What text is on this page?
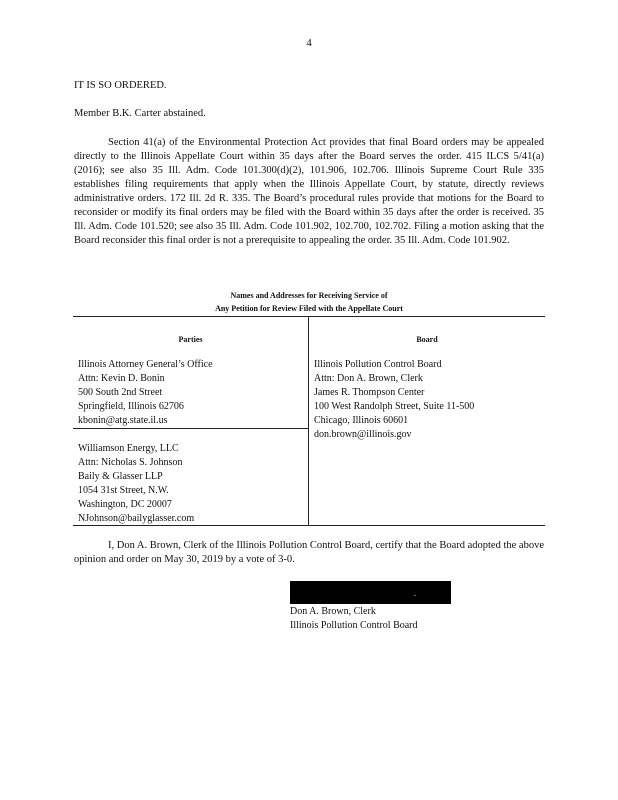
4
IT IS SO ORDERED.
Member B.K. Carter abstained.
Section 41(a) of the Environmental Protection Act provides that final Board orders may be appealed directly to the Illinois Appellate Court within 35 days after the Board serves the order. 415 ILCS 5/41(a) (2016); see also 35 Ill. Adm. Code 101.300(d)(2), 101.906, 102.706. Illinois Supreme Court Rule 335 establishes filing requirements that apply when the Illinois Appellate Court, by statute, directly reviews administrative orders. 172 Ill. 2d R. 335. The Board’s procedural rules provide that motions for the Board to reconsider or modify its final orders may be filed with the Board within 35 days after the order is received. 35 Ill. Adm. Code 101.520; see also 35 Ill. Adm. Code 101.902, 102.700, 102.702. Filing a motion asking that the Board reconsider this final order is not a prerequisite to appealing the order. 35 Ill. Adm. Code 101.902.
Names and Addresses for Receiving Service of
Any Petition for Review Filed with the Appellate Court
Parties	Board
Illinois Attorney General’s Office
Attn: Kevin D. Bonin
500 South 2nd Street
Springfield, Illinois 62706
kbonin@atg.state.il.us
Williamson Energy, LLC
Attn: Nicholas S. Johnson
Baily & Glasser LLP
1054 31st Street, N.W.
Washington, DC 20007
NJohnson@bailyglasser.com
Illinois Pollution Control Board
Attn: Don A. Brown, Clerk
James R. Thompson Center
100 West Randolph Street, Suite 11-500
Chicago, Illinois 60601
don.brown@illinois.gov
I, Don A. Brown, Clerk of the Illinois Pollution Control Board, certify that the Board adopted the above opinion and order on May 30, 2019 by a vote of 3-0.
.
Don A. Brown, Clerk
Illinois Pollution Control Board
